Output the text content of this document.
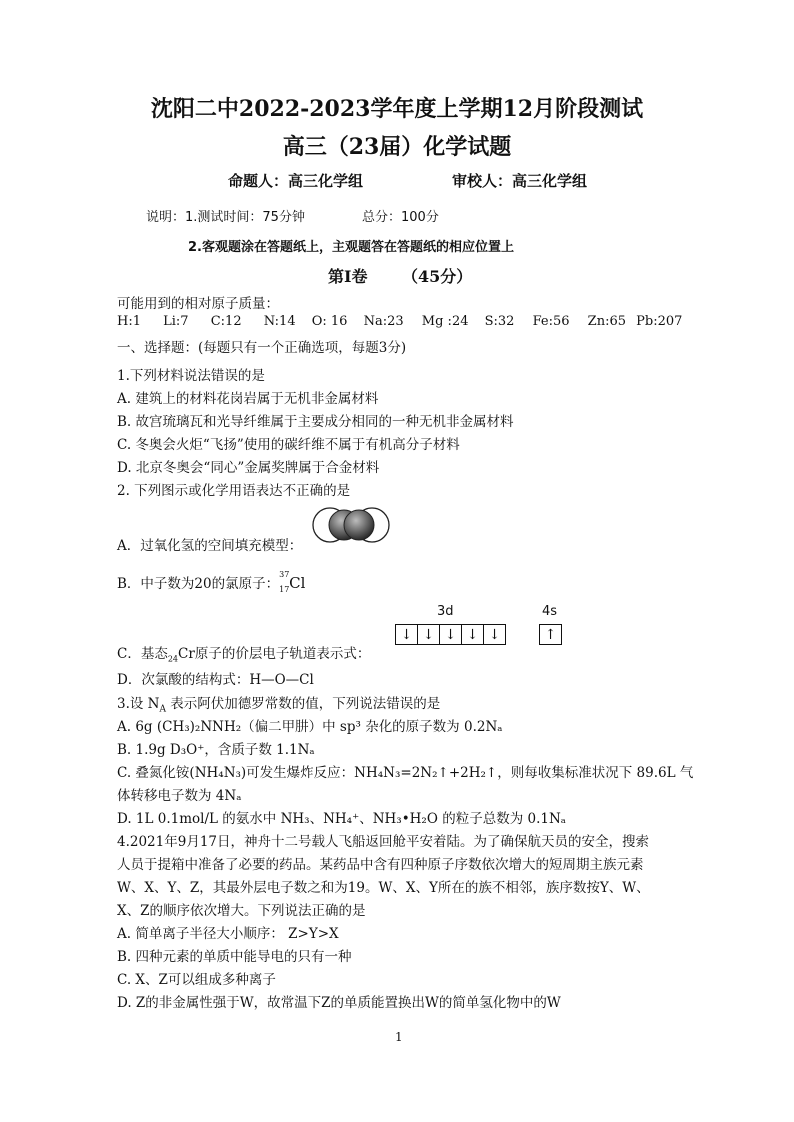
沈阳二中2022-2023学年度上学期12月阶段测试
高三（23届）化学试题
命题人：高三化学组	审校人：高三化学组
说明：1.测试时间：75分钟	总分：100分
2.客观题涂在答题纸上，主观题答在答题纸的相应位置上
第Ⅰ卷 （45分）
可能用到的相对原子质量：
H:1 Li:7 C:12 N:14 O: 16 Na:23 Mg :24 S:32 Fe:56 Zn:65 Pb:207
一、选择题：(每题只有一个正确选项，每题3分)
1.下列材料说法错误的是
A. 建筑上的材料花岗岩属于无机非金属材料
B. 故宫琉璃瓦和光导纤维属于主要成分相同的一种无机非金属材料
C. 冬奥会火炬“飞扬”使用的碳纤维不属于有机高分子材料
D. 北京冬奥会“同心”金属奖牌属于合金材料
2. 下列图示或化学用语表达不正确的是
A．过氧化氢的空间填充模型：
B．中子数为20的氯原子：
37
17 Cl
3d	4s
↓ ↓ ↓ ↓ ↓	↑
C．基态$_{24}$Cr原子的价层电子轨道表示式：
D．次氯酸的结构式：H—O—Cl
3.设 $N_A$ 表示阿伏加德罗常数的值，下列说法错误的是
A. 6g (CH₃)₂NNH₂（偏二甲肼）中 sp³ 杂化的原子数为 0.2Nₐ
B. 1.9g D₃O⁺，含质子数 1.1Nₐ
C. 叠氮化铵(NH₄N₃)可发生爆炸反应：NH₄N₃=2N₂↑+2H₂↑，则每收集标准状况下 89.6L 气
体转移电子数为 4Nₐ
D. 1L 0.1mol/L 的氨水中 NH₃、NH₄⁺、NH₃•H₂O 的粒子总数为 0.1Nₐ
4.2021年9月17日，神舟十二号载人飞船返回舱平安着陆。为了确保航天员的安全，搜索
人员于提箱中准备了必要的药品。某药品中含有四种原子序数依次增大的短周期主族元素
W、X、Y、Z，其最外层电子数之和为19。W、X、Y所在的族不相邻，族序数按Y、W、
X、Z的顺序依次增大。下列说法正确的是
A. 简单离子半径大小顺序： Z>Y>X
B. 四种元素的单质中能导电的只有一种
C. X、Z可以组成多种离子
D. Z的非金属性强于W，故常温下Z的单质能置换出W的简单氢化物中的W
1
